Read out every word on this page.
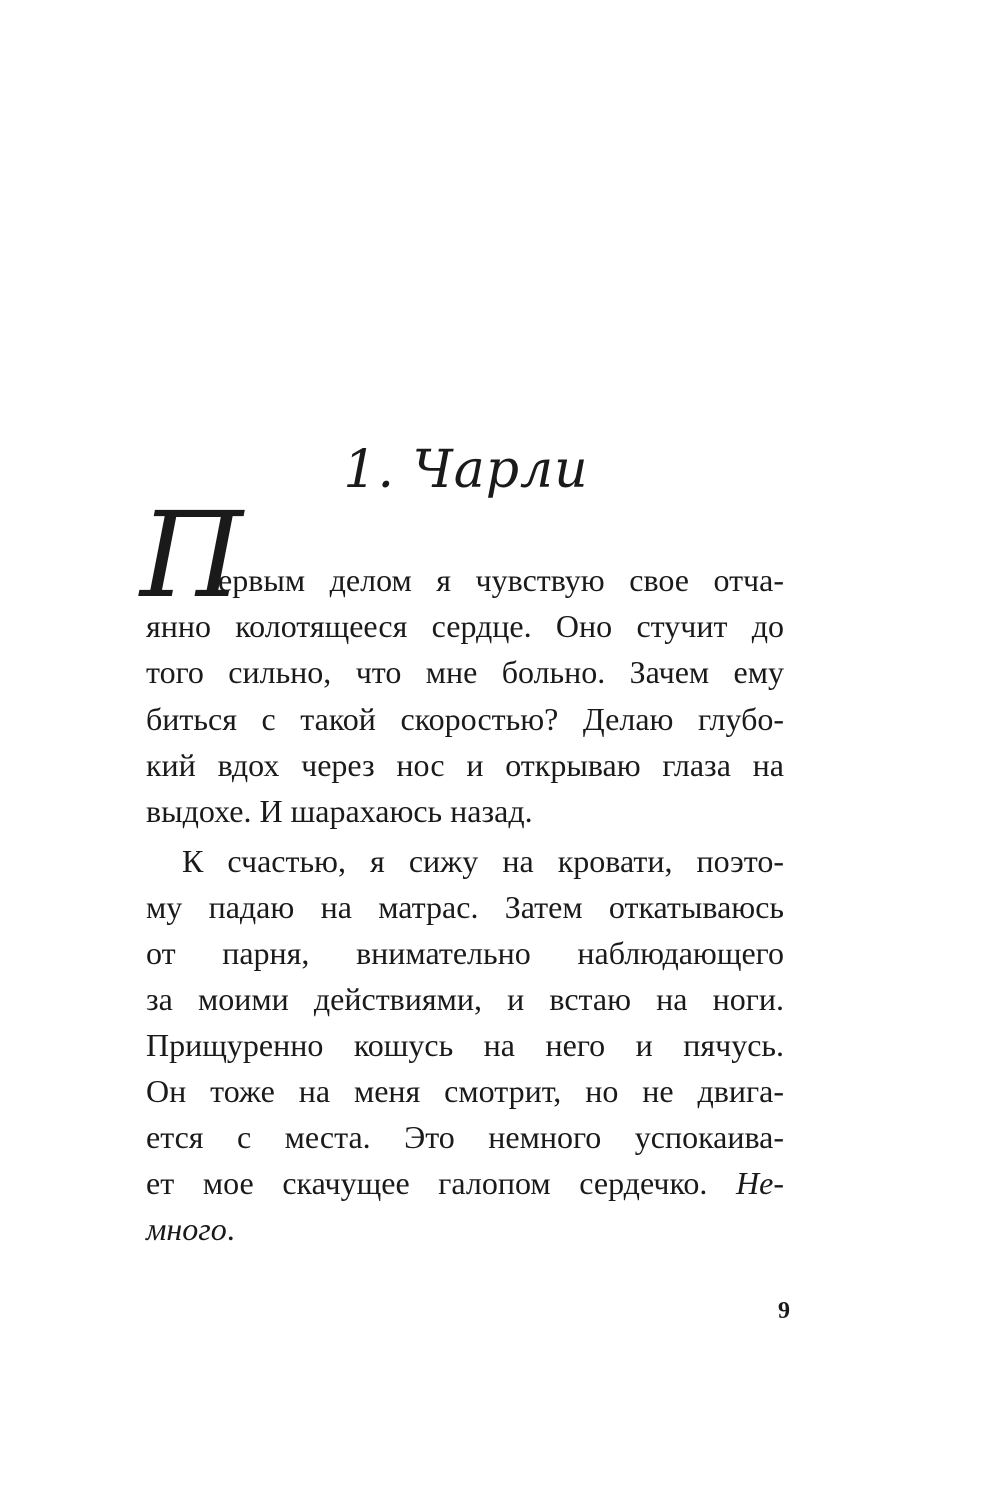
1. Чарли
П
ервым делом я чувствую свое отча-
янно колотящееся сердце. Оно стучит до
того сильно, что мне больно. Зачем ему
биться с такой скоростью? Делаю глубо-
кий вдох через нос и открываю глаза на
выдохе. И шарахаюсь назад.
К счастью, я сижу на кровати, поэто-
му падаю на матрас. Затем откатываюсь
от парня, внимательно наблюдающего
за моими действиями, и встаю на ноги.
Прищуренно кошусь на него и пячусь.
Он тоже на меня смотрит, но не двига-
ется с места. Это немного успокаива-
ет мое скачущее галопом сердечко. Не-
много.
9
